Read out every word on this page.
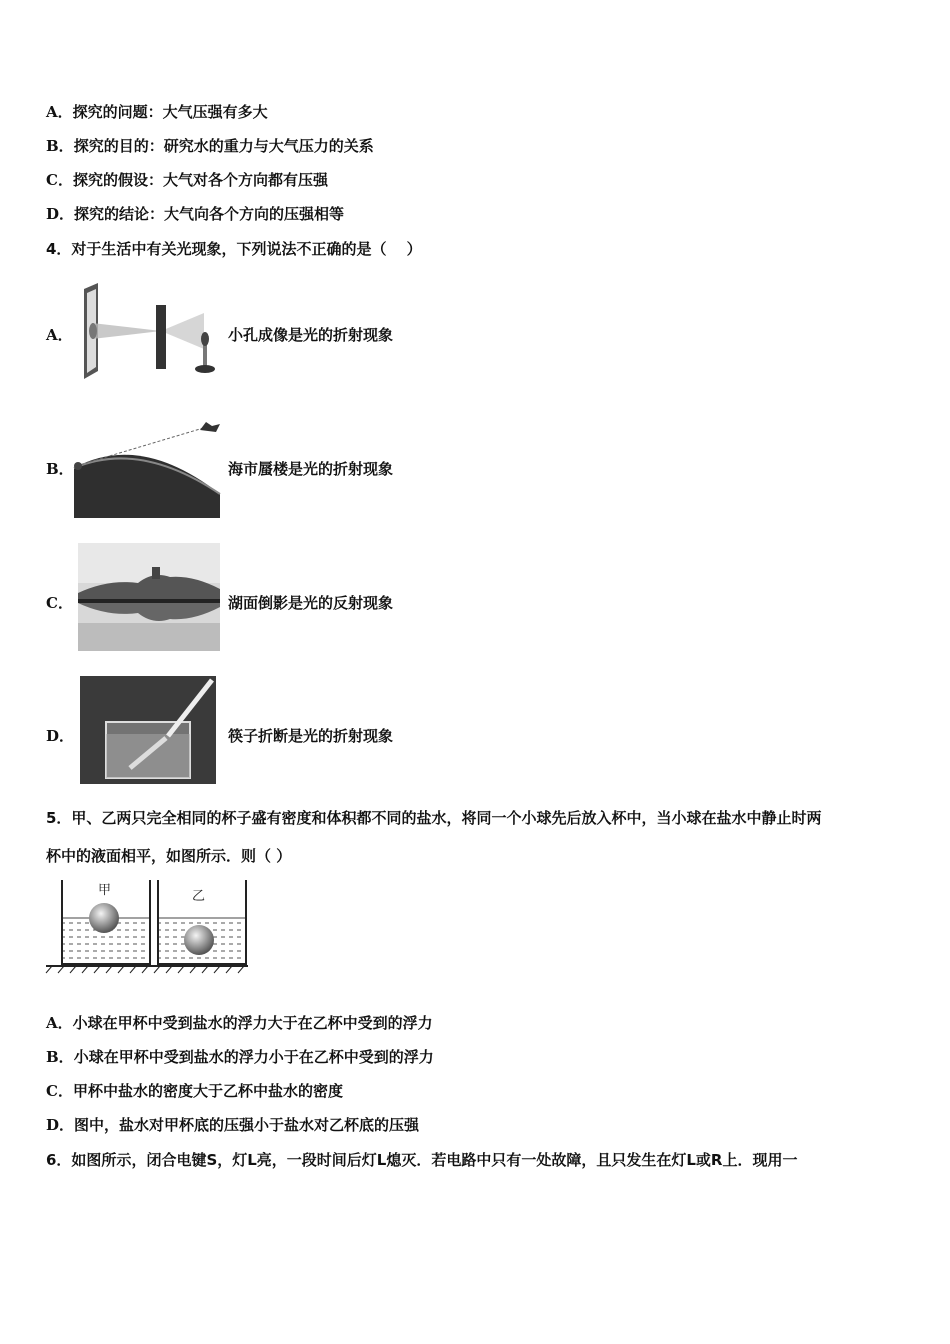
A．探究的问题：大气压强有多大
B．探究的目的：研究水的重力与大气压力的关系
C．探究的假设：大气对各个方向都有压强
D．探究的结论：大气向各个方向的压强相等
4．对于生活中有关光现象，下列说法不正确的是（　 ）
A．	小孔成像是光的折射现象
B．	海市蜃楼是光的折射现象
C．	湖面倒影是光的反射现象
D．	筷子折断是光的折射现象
5．甲、乙两只完全相同的杯子盛有密度和体积都不同的盐水，将同一个小球先后放入杯中，当小球在盐水中静止时两
杯中的液面相平，如图所示．则（ ）
甲	乙
A．小球在甲杯中受到盐水的浮力大于在乙杯中受到的浮力
B．小球在甲杯中受到盐水的浮力小于在乙杯中受到的浮力
C．甲杯中盐水的密度大于乙杯中盐水的密度
D．图中，盐水对甲杯底的压强小于盐水对乙杯底的压强
6．如图所示，闭合电键S，灯L亮，一段时间后灯L熄灭．若电路中只有一处故障，且只发生在灯L或R上．现用一
